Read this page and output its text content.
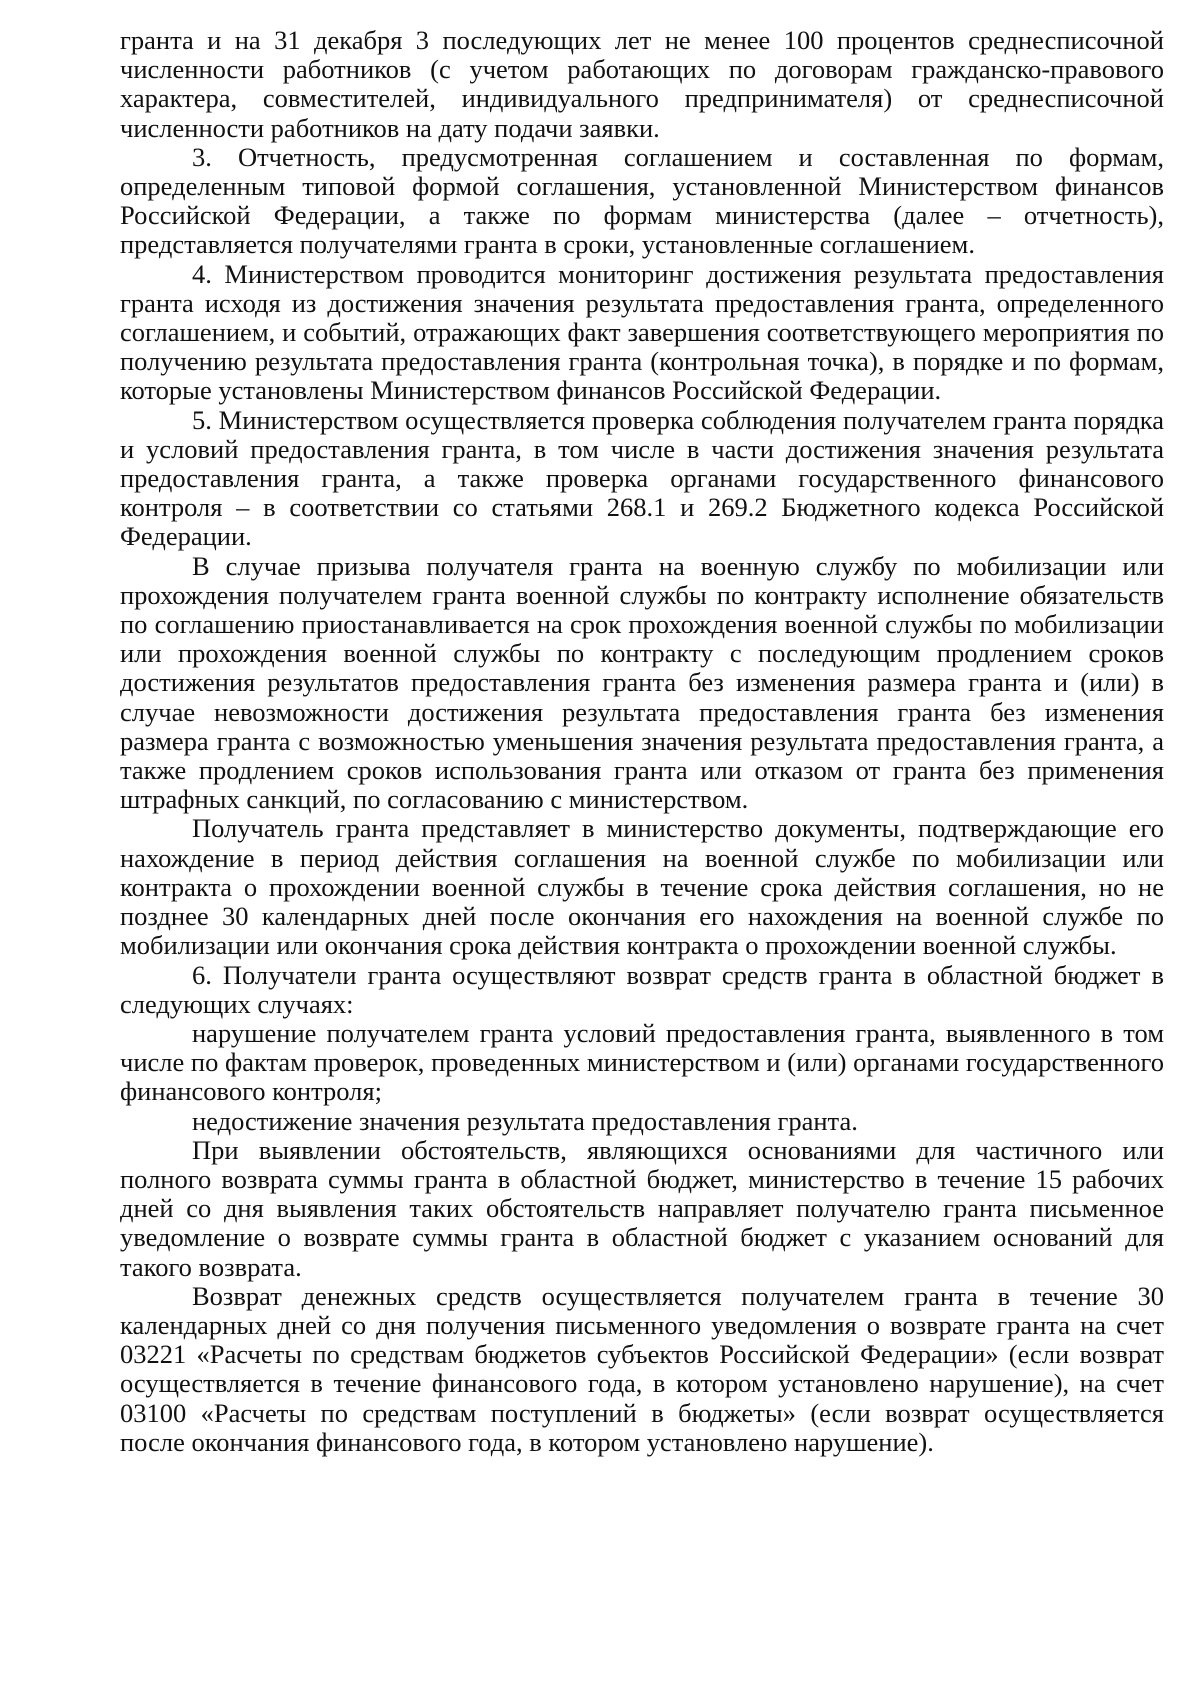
гранта и на 31 декабря 3 последующих лет не менее 100 процентов среднесписочной численности работников (с учетом работающих по договорам гражданско-правового характера, совместителей, индивидуального предпринимателя) от среднесписочной численности работников на дату подачи заявки.

3. Отчетность, предусмотренная соглашением и составленная по формам, определенным типовой формой соглашения, установленной Министерством финансов Российской Федерации, а также по формам министерства (далее – отчетность), представляется получателями гранта в сроки, установленные соглашением.

4. Министерством проводится мониторинг достижения результата предоставления гранта исходя из достижения значения результата предоставления гранта, определенного соглашением, и событий, отражающих факт завершения соответствующего мероприятия по получению результата предоставления гранта (контрольная точка), в порядке и по формам, которые установлены Министерством финансов Российской Федерации.

5. Министерством осуществляется проверка соблюдения получателем гранта порядка и условий предоставления гранта, в том числе в части достижения значения результата предоставления гранта, а также проверка органами государственного финансового контроля – в соответствии со статьями 268.1 и 269.2 Бюджетного кодекса Российской Федерации.

В случае призыва получателя гранта на военную службу по мобилизации или прохождения получателем гранта военной службы по контракту исполнение обязательств по соглашению приостанавливается на срок прохождения военной службы по мобилизации или прохождения военной службы по контракту с последующим продлением сроков достижения результатов предоставления гранта без изменения размера гранта и (или) в случае невозможности достижения результата предоставления гранта без изменения размера гранта с возможностью уменьшения значения результата предоставления гранта, а также продлением сроков использования гранта или отказом от гранта без применения штрафных санкций, по согласованию с министерством.

Получатель гранта представляет в министерство документы, подтверждающие его нахождение в период действия соглашения на военной службе по мобилизации или контракта о прохождении военной службы в течение срока действия соглашения, но не позднее 30 календарных дней после окончания его нахождения на военной службе по мобилизации или окончания срока действия контракта о прохождении военной службы.

6. Получатели гранта осуществляют возврат средств гранта в областной бюджет в следующих случаях:

нарушение получателем гранта условий предоставления гранта, выявленного в том числе по фактам проверок, проведенных министерством и (или) органами государственного финансового контроля;

недостижение значения результата предоставления гранта.

При выявлении обстоятельств, являющихся основаниями для частичного или полного возврата суммы гранта в областной бюджет, министерство в течение 15 рабочих дней со дня выявления таких обстоятельств направляет получателю гранта письменное уведомление о возврате суммы гранта в областной бюджет с указанием оснований для такого возврата.

Возврат денежных средств осуществляется получателем гранта в течение 30 календарных дней со дня получения письменного уведомления о возврате гранта на счет 03221 «Расчеты по средствам бюджетов субъектов Российской Федерации» (если возврат осуществляется в течение финансового года, в котором установлено нарушение), на счет 03100 «Расчеты по средствам поступлений в бюджеты» (если возврат осуществляется после окончания финансового года, в котором установлено нарушение).
